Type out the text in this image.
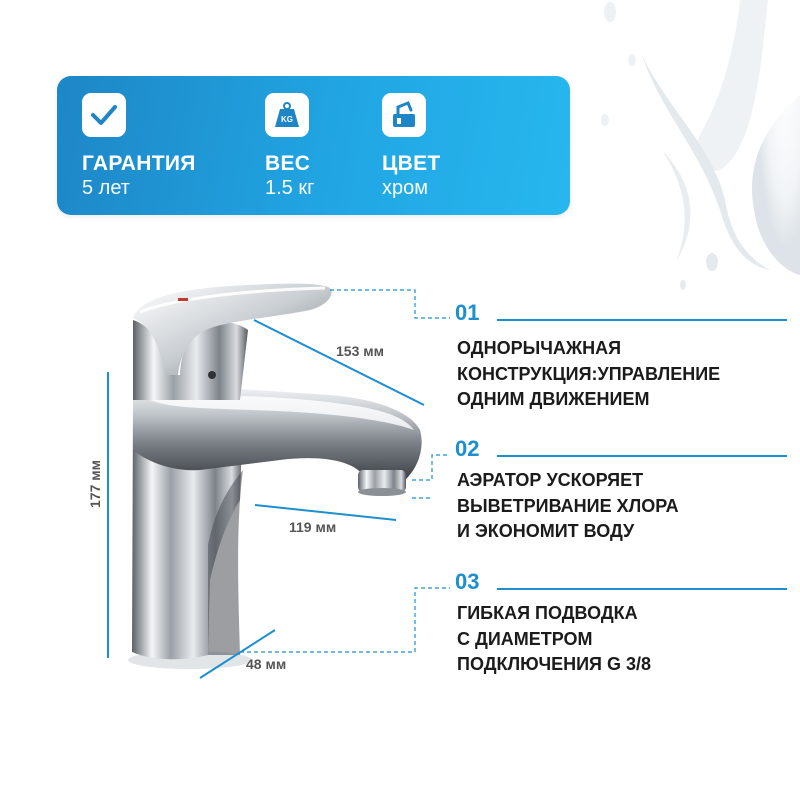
ГАРАНТИЯ
5 лет
KG
ВЕС
1.5 кг
ЦВЕТ
хром
177 мм
153 мм
119 мм
48 мм
01
ОДНОРЫЧАЖНАЯ
КОНСТРУКЦИЯ:УПРАВЛЕНИЕ
ОДНИМ ДВИЖЕНИЕМ
02
АЭРАТОР УСКОРЯЕТ
ВЫВЕТРИВАНИЕ ХЛОРА
И ЭКОНОМИТ ВОДУ
03
ГИБКАЯ ПОДВОДКА
С ДИАМЕТРОМ
ПОДКЛЮЧЕНИЯ G 3/8
